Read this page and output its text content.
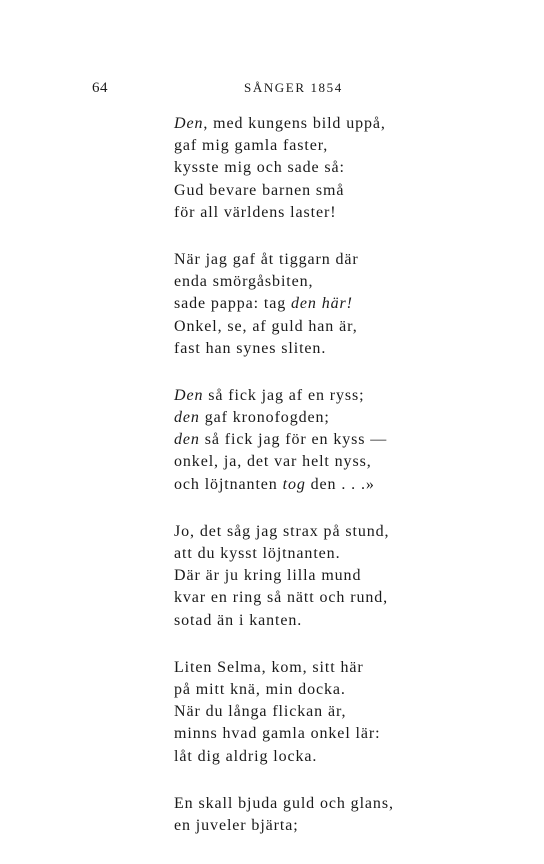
64	SÅNGER 1854
Den, med kungens bild uppå,
gaf mig gamla faster,
kysste mig och sade så:
Gud bevare barnen små
för all världens laster!
När jag gaf åt tiggarn där
enda smörgåsbiten,
sade pappa: tag den här!
Onkel, se, af guld han är,
fast han synes sliten.
Den så fick jag af en ryss;
den gaf kronofogden;
den så fick jag för en kyss —
onkel, ja, det var helt nyss,
och löjtnanten tog den . . .»
Jo, det såg jag strax på stund,
att du kysst löjtnanten.
Där är ju kring lilla mund
kvar en ring så nätt och rund,
sotad än i kanten.
Liten Selma, kom, sitt här
på mitt knä, min docka.
När du långa flickan är,
minns hvad gamla onkel lär:
låt dig aldrig locka.
En skall bjuda guld och glans,
en juveler bjärta;
